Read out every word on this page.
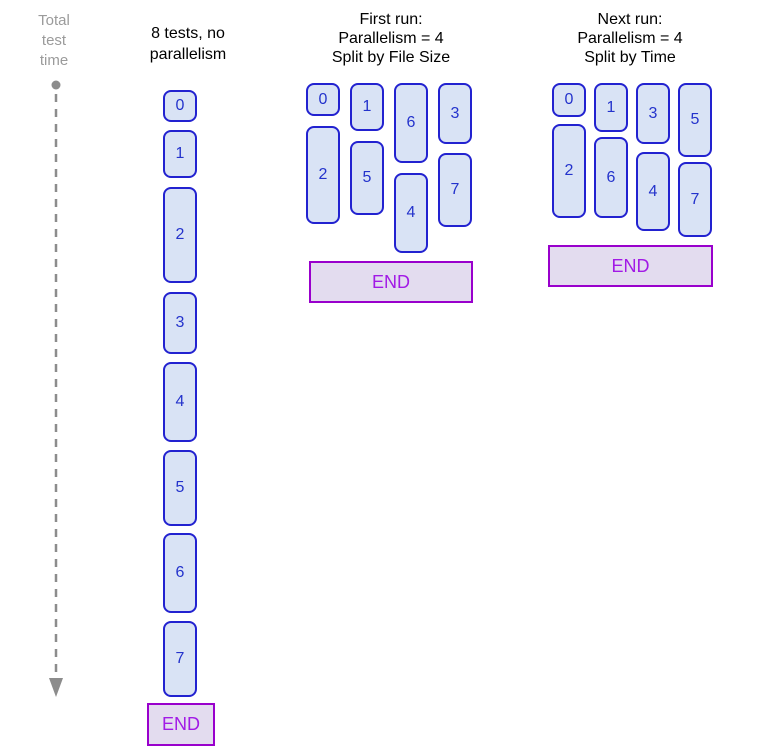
Total
test
time
8 tests, no
parallelism
First run:
Parallelism = 4
Split by File Size
Next run:
Parallelism = 4
Split by Time
0
1
2
3
4
5
6
7
END
0
2
1
5
6
4
3
7
END
0
2
1
6
3
4
5
7
END
